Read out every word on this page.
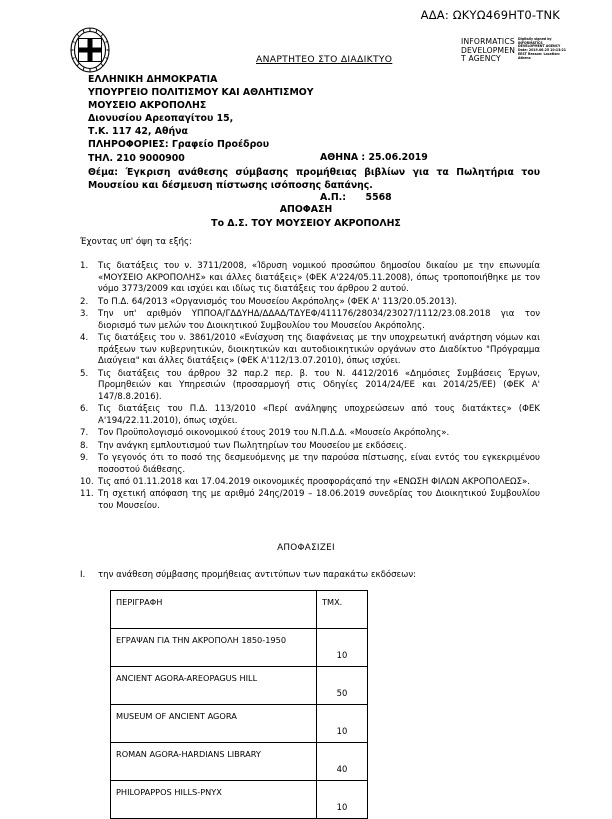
ΑΔΑ: ΩΚΥΩ469ΗΤ0-ΤΝΚ
ΑΝΑΡΤΗΤΕΟ ΣΤΟ ΔΙΑΔΙΚΤΥΟ
INFORMATICS
DEVELOPMEN
T AGENCY
Digitally signed by INFORMATICS DEVELOPMENT AGENCY Date: 2019.06.25 10:13:21 EEST Reason: Location: Athens
ΕΛΛΗΝΙΚΗ ΔΗΜΟΚΡΑΤΙΑ
ΥΠΟΥΡΓΕΙΟ ΠΟΛΙΤΙΣΜΟΥ ΚΑΙ ΑΘΛΗΤΙΣΜΟΥ
ΜΟΥΣΕΙΟ ΑΚΡΟΠΟΛΗΣ
Διονυσίου Αρεοπαγίτου 15,
Τ.Κ. 117 42, Αθήνα
ΠΛΗΡΟΦΟΡΙΕΣ: Γραφείο Προέδρου
ΤΗΛ. 210 9000900

	ΑΘΗΝΑ : 25.06.2019

Α.Π.:      5568

Θέμα: Έγκριση ανάθεσης σύμβασης προμήθειας βιβλίων για τα Πωλητήρια του Μουσείου και δέσμευση πίστωσης ισόποσης δαπάνης.
ΑΠΟΦΑΣΗ
Το Δ.Σ. ΤΟΥ ΜΟΥΣΕΙΟΥ ΑΚΡΟΠΟΛΗΣ
Έχοντας υπ' όψη τα εξής:
1.	Τις διατάξεις του ν. 3711/2008, «Ίδρυση νομικού προσώπου δημοσίου δικαίου με την επωνυμία «ΜΟΥΣΕΙΟ ΑΚΡΟΠΟΛΗΣ» και άλλες διατάξεις» (ΦΕΚ Α'224/05.11.2008), όπως τροποποιήθηκε με τον νόμο 3773/2009 και ισχύει και ιδίως τις διατάξεις του άρθρου 2 αυτού.
2.	Το Π.Δ. 64/2013 «Οργανισμός του Μουσείου Ακρόπολης» (ΦΕΚ Α' 113/20.05.2013).
3.	Την υπ' αριθμόν ΥΠΠΟΑ/ΓΔΔΥΗΔ/ΔΔΑΔ/ΤΔΥΕΦ/411176/28034/23027/1112/23.08.2018 για τον διορισμό των μελών του Διοικητικού Συμβουλίου του Μουσείου Ακρόπολης.
4.	Τις διατάξεις του ν. 3861/2010 «Ενίσχυση της διαφάνειας με την υποχρεωτική ανάρτηση νόμων και πράξεων των κυβερνητικών, διοικητικών και αυτοδιοικητικών οργάνων στο Διαδίκτυο "Πρόγραμμα Διαύγεια" και άλλες διατάξεις» (ΦΕΚ Α'112/13.07.2010), όπως ισχύει.
5.	Τις διατάξεις του άρθρου 32 παρ.2 περ. β. του Ν. 4412/2016 «Δημόσιες Συμβάσεις Έργων, Προμηθειών και Υπηρεσιών (προσαρμογή στις Οδηγίες 2014/24/ΕΕ και 2014/25/ΕΕ) (ΦΕΚ Α' 147/8.8.2016).
6.	Τις διατάξεις του Π.Δ. 113/2010 «Περί ανάληψης υποχρεώσεων από τους διατάκτες» (ΦΕΚ Α'194/22.11.2010), όπως ισχύει.
7.	Τον Προϋπολογισμό οικονομικού έτους 2019 του Ν.Π.Δ.Δ. «Μουσείο Ακρόπολης».
8.	Την ανάγκη εμπλουτισμού των Πωλητηρίων του Μουσείου με εκδόσεις.
9.	Το γεγονός ότι το ποσό της δεσμευόμενης με την παρούσα πίστωσης, είναι εντός του εγκεκριμένου ποσοστού διάθεσης.
10. Τις από 01.11.2018 και 17.04.2019 οικονομικές προσφοράςαπό την «ΕΝΩΣΗ ΦΙΛΩΝ ΑΚΡΟΠΟΛΕΩΣ».
11. Τη σχετική απόφαση της με αριθμό 24ης/2019 – 18.06.2019 συνεδρίας του Διοικητικού Συμβουλίου του Μουσείου.
ΑΠΟΦΑΣΙΖΕΙ
I.	την ανάθεση σύμβασης προμήθειας αντιτύπων των παρακάτω εκδόσεων:
ΠΕΡΙΓΡΑΦΗ	ΤΜΧ.
ΕΓΡΑΨΑΝ ΓΙΑ ΤΗΝ ΑΚΡΟΠΟΛΗ 1850-1950	10
ANCIENT AGORA-AREOPAGUS HILL	50
MUSEUM OF ANCIENT AGORA	10
ROMAN AGORA-HARDIANS LIBRARY	40
PHILOPAPPOS HILLS-PNYX	10
